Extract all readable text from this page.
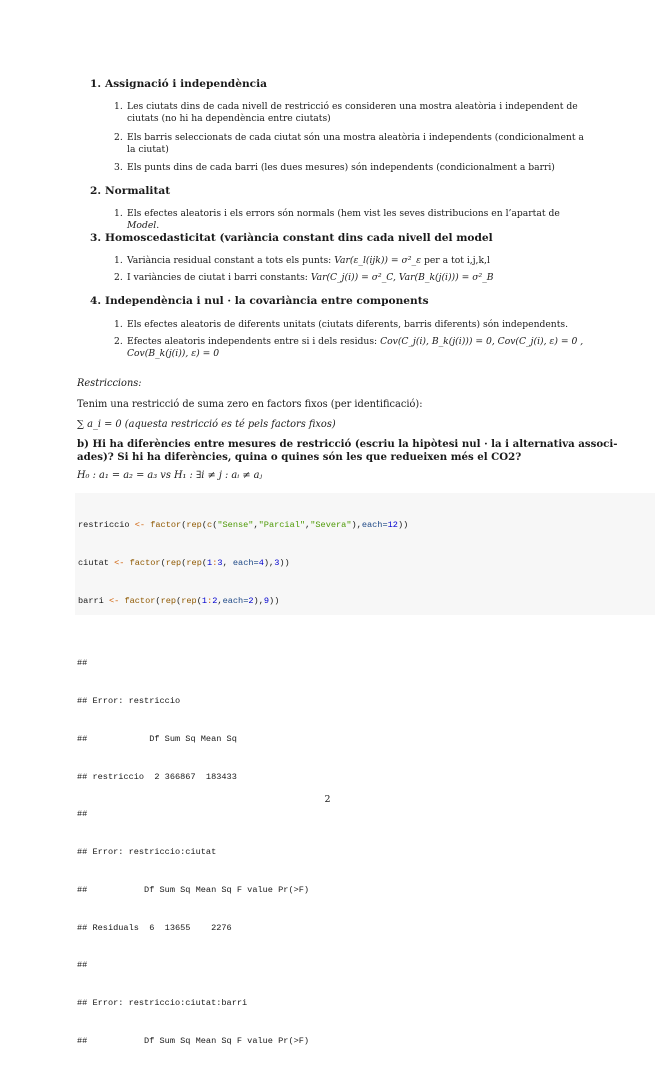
1. Assignació i independència
1. Les ciutats dins de cada nivell de restricció es consideren una mostra aleatòria i independent de ciutats (no hi ha dependència entre ciutats)
2. Els barris seleccionats de cada ciutat són una mostra aleatòria i independents (condicionalment a la ciutat)
3. Els punts dins de cada barri (les dues mesures) són independents (condicionalment a barri)
2. Normalitat
1. Els efectes aleatoris i els errors són normals (hem vist les seves distribucions en l’apartat de Model.
3. Homoscedasticitat (variància constant dins cada nivell del model
1. Variància residual constant a tots els punts: Var(ε_l(ijk)) = σ²_ε per a tot i,j,k,l
2. I variàncies de ciutat i barri constants: Var(C_j(i)) = σ²_C, Var(B_k(j(i))) = σ²_B
4. Independència i nul · la covariància entre components
1. Els efectes aleatoris de diferents unitats (ciutats diferents, barris diferents) són independents.
2. Efectes aleatoris independents entre si i dels residus: Cov(C_j(i), B_k(j(i))) = 0, Cov(C_j(i), ε) = 0 ,
Cov(B_k(j(i)), ε) = 0
Restriccions:
Tenim una restricció de suma zero en factors fixos (per identificació):
∑ a_i = 0 (aquesta restricció es té pels factors fixos)
b) Hi ha diferències entre mesures de restricció (escriu la hipòtesi nul · la i alternativa associ-
ades)? Si hi ha diferències, quina o quines són les que redueixen més el CO2?
H₀ : a₁ = a₂ = a₃ vs H₁ : ∃i ≠ j : aᵢ ≠ aⱼ

restriccio <- factor(rep(c("Sense","Parcial","Severa"),each=12))

ciutat <- factor(rep(rep(1:3, each=4),3))

barri <- factor(rep(rep(1:2,each=2),9))

##

## Error: restriccio

##            Df Sum Sq Mean Sq

## restriccio  2 366867  183433

##

## Error: restriccio:ciutat

##           Df Sum Sq Mean Sq F value Pr(>F)

## Residuals  6  13655    2276

##

## Error: restriccio:ciutat:barri

##           Df Sum Sq Mean Sq F value Pr(>F)

2
